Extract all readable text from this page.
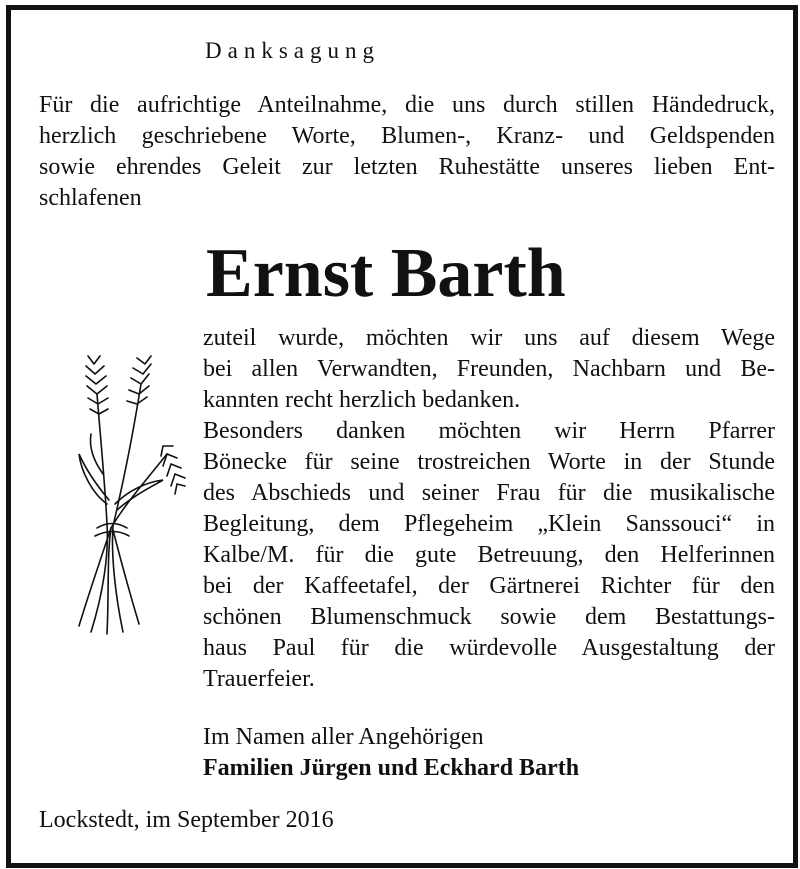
Danksagung
Für die aufrichtige Anteilnahme, die uns durch stillen Händedruck,
herzlich geschriebene Worte, Blumen-, Kranz- und Geldspenden
sowie ehrendes Geleit zur letzten Ruhestätte unseres lieben Ent-
schlafenen
Ernst Barth
zuteil wurde, möchten wir uns auf diesem Wege
bei allen Verwandten, Freunden, Nachbarn und Be-
kannten recht herzlich bedanken.
Besonders danken möchten wir Herrn Pfarrer
Bönecke für seine trostreichen Worte in der Stunde
des Abschieds und seiner Frau für die musikalische
Begleitung, dem Pflegeheim „Klein Sanssouci“ in
Kalbe/M. für die gute Betreuung, den Helferinnen
bei der Kaffeetafel, der Gärtnerei Richter für den
schönen Blumenschmuck sowie dem Bestattungs-
haus Paul für die würdevolle Ausgestaltung der
Trauerfeier.
Im Namen aller Angehörigen
Familien Jürgen und Eckhard Barth
Lockstedt, im September 2016
